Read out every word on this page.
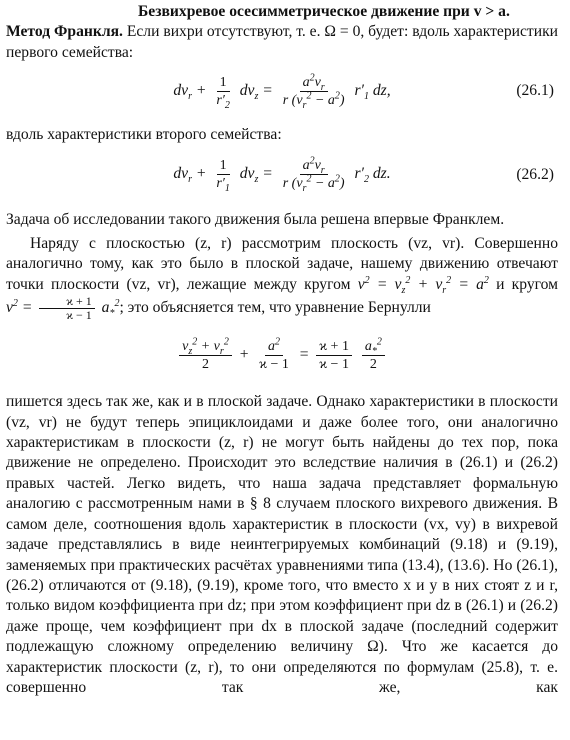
Безвихревое осесимметрическое движение при v > a.

Метод Франкля. Если вихри отсутствуют, т. е. Ω = 0, будет: вдоль характеристики первого семейства:

$dv_r + \frac{1}{r'_2} dv_z = \frac{a^2v_r}{r (v_r^2 - a^2)} r'_1$ dz,	(26.1)

вдоль характеристики второго семейства:

$dv_r + \frac{1}{r'_1} dv_z = \frac{a^2v_r}{r (v_r^2 - a^2)} r'_2$ dz.	(26.2)

Задача об исследовании такого движения была решена впервые Франклем.

Наряду с плоскостью (z, r) рассмотрим плоскость (vz, vr). Совершенно аналогично тому, как это было в плоской задаче, нашему движению отвечают точки плоскости (vz, vr), лежащие между кругом $v^2 = v_z^2 + v_r^2 = a^2$ и кругом $v^2 = \frac{ϰ + 1}{ϰ - 1} a_*^2$; это объясняется тем, что уравнение Бернулли

$\frac{v_z^2 + v_r^2}{2} + \frac{a^2}{ϰ - 1} = \frac{ϰ + 1}{ϰ - 1}$
$\frac{a_*^2}{2}$

пишется здесь так же, как и в плоской задаче. Однако характеристики в плоскости (vz, vr) не будут теперь эпициклоидами и даже более того, они аналогично характеристикам в плоскости (z, r) не могут быть найдены до тех пор, пока движение не определено. Происходит это вследствие наличия в (26.1) и (26.2) правых частей. Легко видеть, что наша задача представляет формальную аналогию с рассмотренным нами в § 8 случаем плоского вихревого движения. В самом деле, соотношения вдоль характеристик в плоскости (vx, vy) в вихревой задаче представлялись в виде неинтегрируемых комбинаций (9.18) и (9.19), заменяемых при практических расчётах уравнениями типа (13.4), (13.6). Но (26.1), (26.2) отличаются от (9.18), (9.19), кроме того, что вместо x и y в них стоят z и r, только видом коэффициента при dz; при этом коэффициент при dz в (26.1) и (26.2) даже проще, чем коэффициент при dx в плоской задаче (последний содержит подлежащую сложному определению величину Ω). Что же касается до характеристик плоскости (z, r), то они определяются по формулам (25.8), т. е. совершенно так же, как
